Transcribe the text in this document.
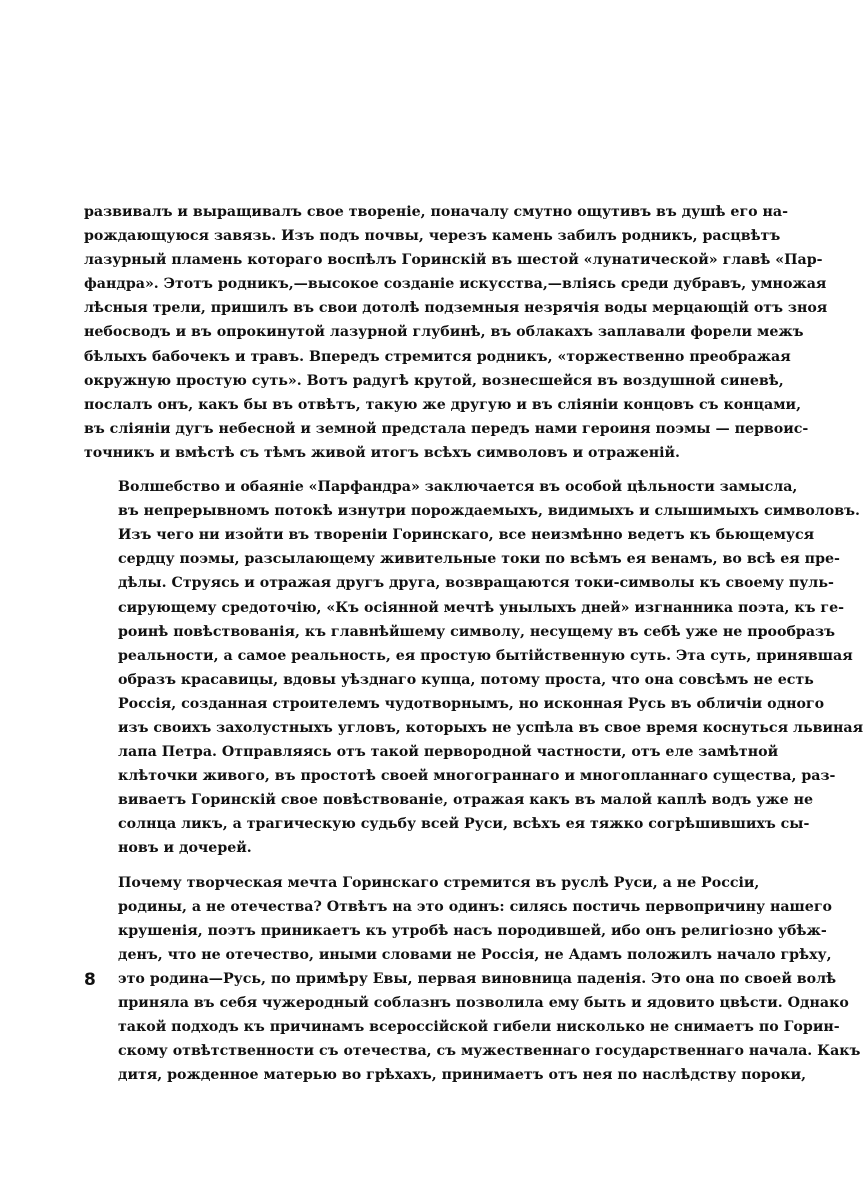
развивалъ и выращивалъ свое твореніе, поначалу смутно ощутивъ въ душѣ его на-
рождающуюся завязь. Изъ подъ почвы, черезъ камень забилъ родникъ, расцвѣтъ
лазурный пламень котораго воспѣлъ Горинскій въ шестой «лунатической» главѣ «Пар-
фандра». Этотъ родникъ,—высокое созданіе искусства,—вліясь среди дубравъ, умножая
лѣсныя трели, пришилъ въ свои дотолѣ подземныя незрячія воды мерцающій отъ зноя
небосводъ и въ опрокинутой лазурной глубинѣ, въ облакахъ заплавали форели межъ
бѣлыхъ бабочекъ и травъ. Впередъ стремится родникъ, «торжественно преображая
окружную простую суть». Вотъ радугѣ крутой, вознесшейся въ воздушной синевѣ,
послалъ онъ, какъ бы въ отвѣтъ, такую же другую и въ сліяніи концовъ съ концами,
въ сліяніи дугъ небесной и земной предстала передъ нами героиня поэмы — первоис-
точникъ и вмѣстѣ съ тѣмъ живой итогъ всѣхъ символовъ и отраженій.

Волшебство и обаяніе «Парфандра» заключается въ особой цѣльности замысла,
въ непрерывномъ потокѣ изнутри порождаемыхъ, видимыхъ и слышимыхъ символовъ.
Изъ чего ни изойти въ твореніи Горинскаго, все неизмѣнно ведетъ къ бьющемуся
сердцу поэмы, разсылающему живительные токи по всѣмъ ея венамъ, во всѣ ея пре-
дѣлы. Струясь и отражая другъ друга, возвращаются токи-символы къ своему пуль-
сирующему средоточію, «Къ осіянной мечтѣ унылыхъ дней» изгнанника поэта, къ ге-
роинѣ повѣствованія, къ главнѣйшему символу, несущему въ себѣ уже не прообразъ
реальности, а самое реальность, ея простую бытійственную суть. Эта суть, принявшая
образъ красавицы, вдовы уѣзднаго купца, потому проста, что она совсѣмъ не есть
Россія, созданная строителемъ чудотворнымъ, но исконная Русь въ обличіи одного
изъ своихъ захолустныхъ угловъ, которыхъ не успѣла въ свое время коснуться львиная
лапа Петра. Отправляясь отъ такой первородной частности, отъ еле замѣтной
клѣточки живого, въ простотѣ своей многограннаго и многопланнаго существа, раз-
виваетъ Горинскій свое повѣствованіе, отражая какъ въ малой каплѣ водъ уже не
солнца ликъ, а трагическую судьбу всей Руси, всѣхъ ея тяжко согрѣшившихъ сы-
новъ и дочерей.

Почему творческая мечта Горинскаго стремится въ руслѣ Руси, а не Россіи,
родины, а не отечества? Отвѣтъ на это одинъ: силясь постичь первопричину нашего
крушенія, поэтъ приникаетъ къ утробѣ насъ породившей, ибо онъ религіозно убѣж-
денъ, что не отечество, иными словами не Россія, не Адамъ положилъ начало грѣху,
это родина—Русь, по примѣру Евы, первая виновница паденія. Это она по своей волѣ
приняла въ себя чужеродный соблазнъ позволила ему быть и ядовито цвѣсти. Однако
такой подходъ къ причинамъ всероссійской гибели нисколько не снимаетъ по Горин-
скому отвѣтственности съ отечества, съ мужественнаго государственнаго начала. Какъ
дитя, рожденное матерью во грѣхахъ, принимаетъ отъ нея по наслѣдству пороки,

8
